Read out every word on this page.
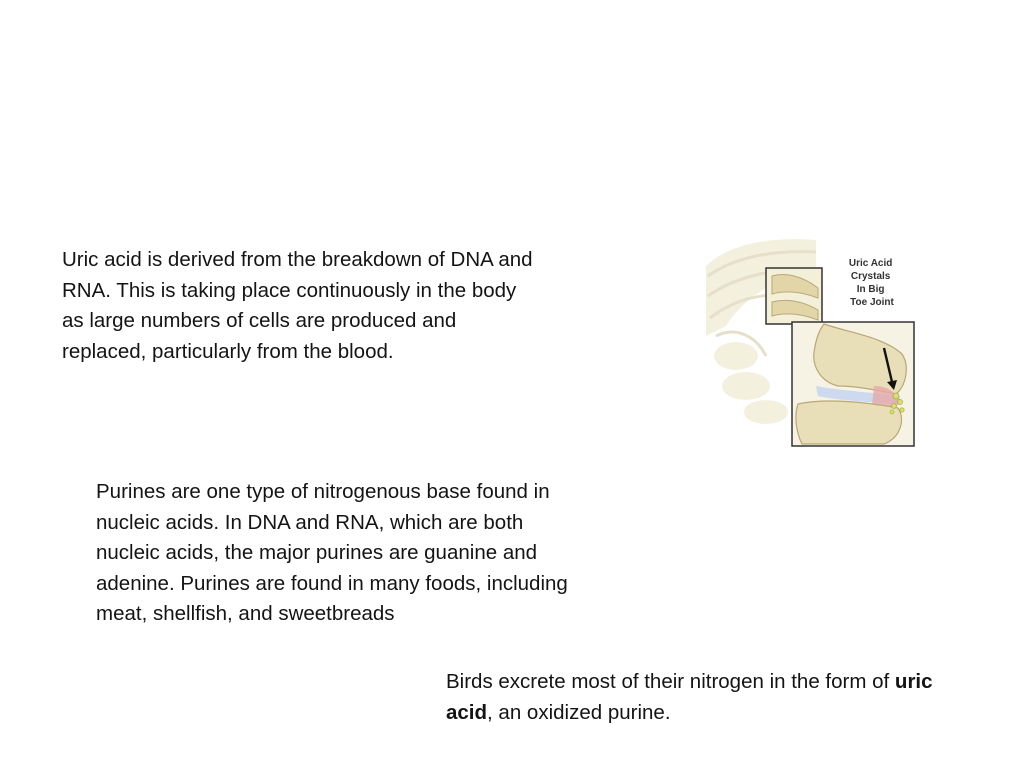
Uric acid is derived from the breakdown of DNA and RNA. This is taking place continuously in the body as large numbers of cells are produced and replaced, particularly from the blood.

Purines are one type of nitrogenous base found in nucleic acids. In DNA and RNA, which are both nucleic acids, the major purines are guanine and adenine. Purines are found in many foods, including meat, shellfish, and sweetbreads

Birds excrete most of their nitrogen in the form of uric acid, an oxidized purine.

Uric Acid Crystals In Big Toe Joint
